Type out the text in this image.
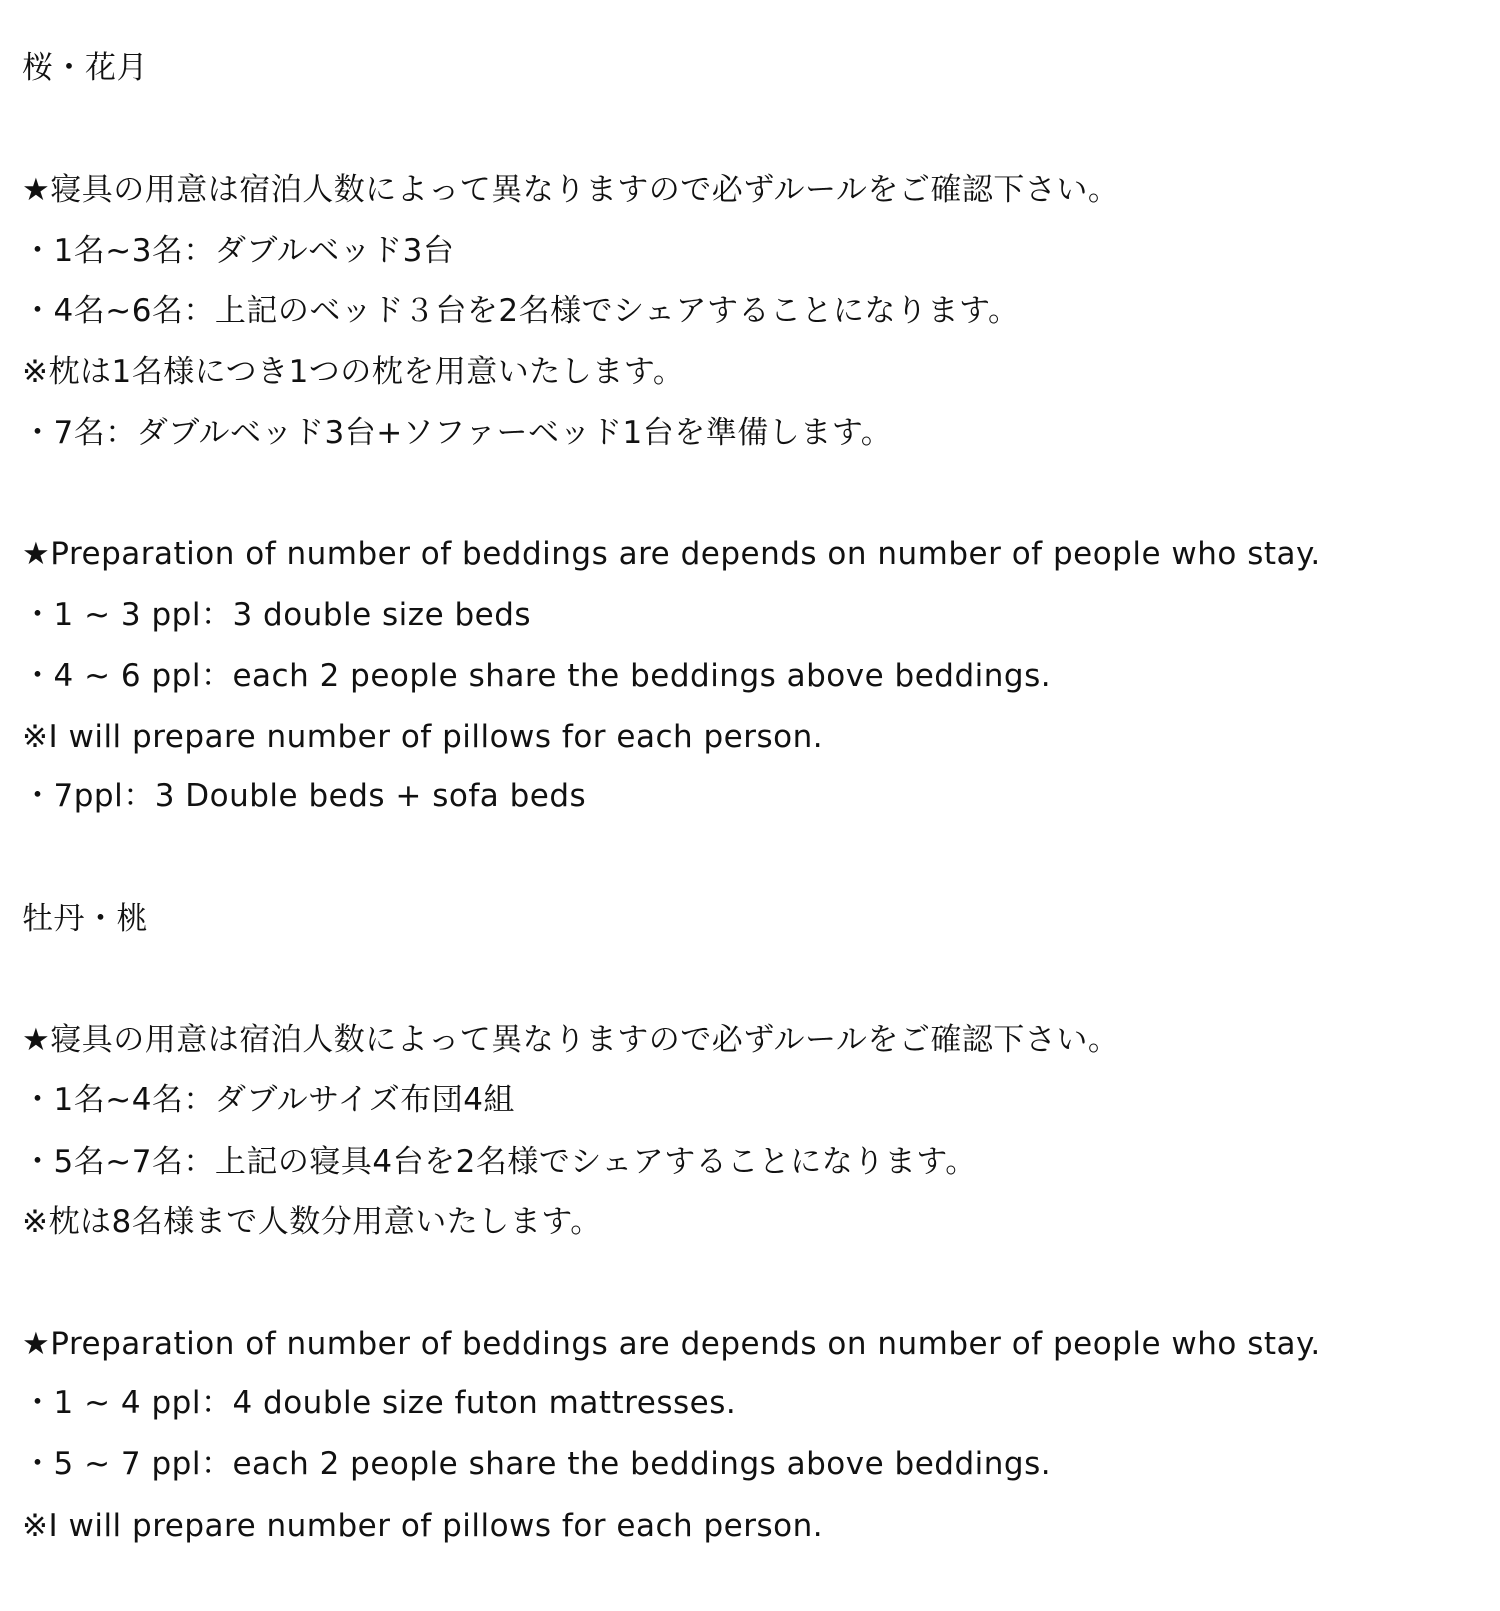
桜・花月
★寝具の用意は宿泊人数によって異なりますので必ずルールをご確認下さい。
・1名~3名：ダブルベッド3台
・4名~6名：上記のベッド３台を2名様でシェアすることになります。
※枕は1名様につき1つの枕を用意いたします。
・7名：ダブルベッド3台+ソファーベッド1台を準備します。
★Preparation of number of beddings are depends on number of people who stay.
・1 ~ 3 ppl：3 double size beds
・4 ~ 6 ppl：each 2 people share the beddings above beddings.
※I will prepare number of pillows for each person.
・7ppl：3 Double beds + sofa beds
牡丹・桃
★寝具の用意は宿泊人数によって異なりますので必ずルールをご確認下さい。
・1名~4名：ダブルサイズ布団4組
・5名~7名：上記の寝具4台を2名様でシェアすることになります。
※枕は8名様まで人数分用意いたします。
★Preparation of number of beddings are depends on number of people who stay.
・1 ~ 4 ppl：4 double size futon mattresses.
・5 ~ 7 ppl：each 2 people share the beddings above beddings.
※I will prepare number of pillows for each person.
